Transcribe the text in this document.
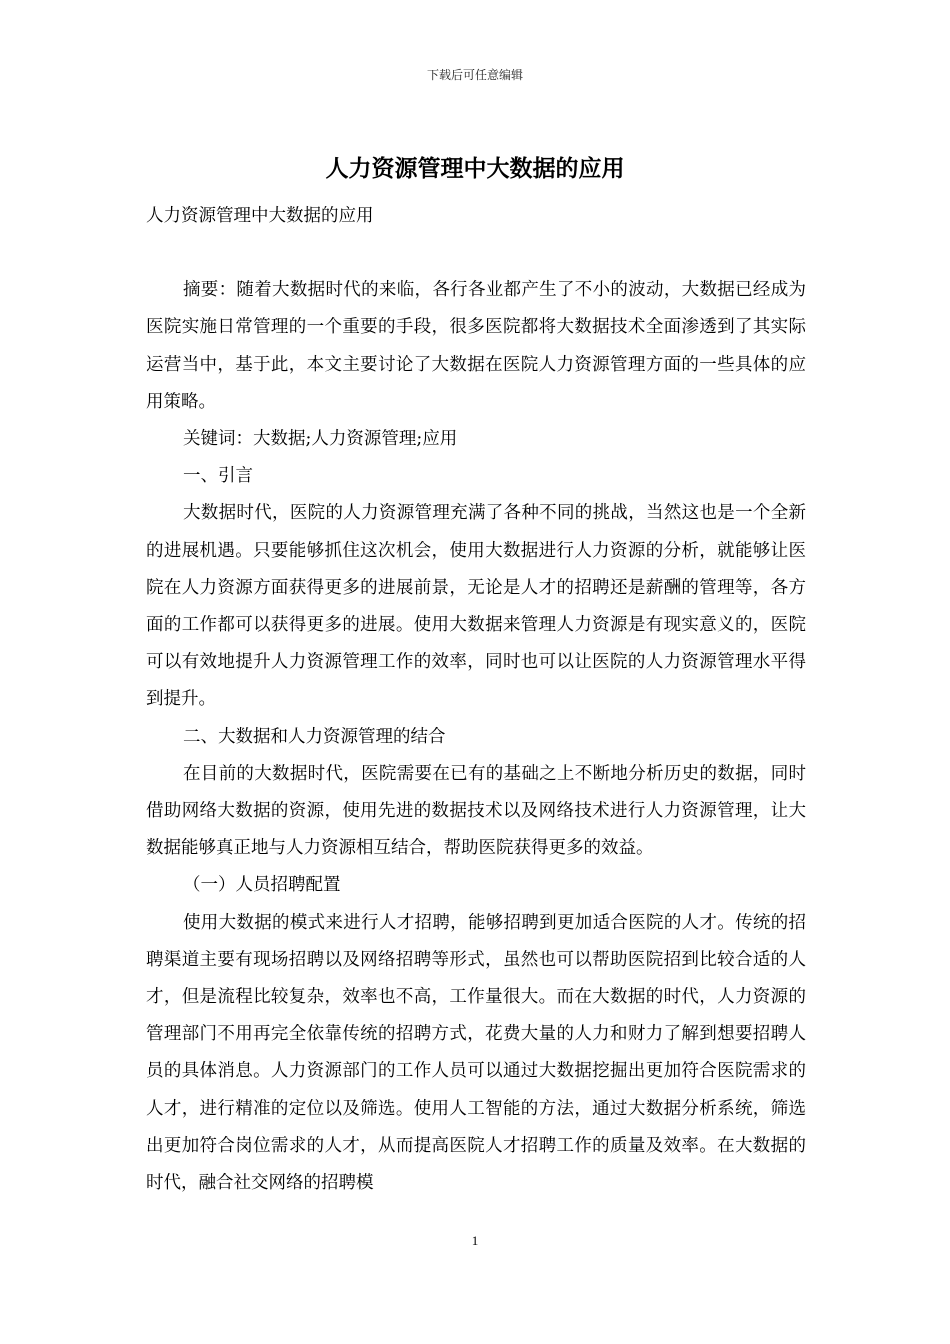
下载后可任意编辑
人力资源管理中大数据的应用

人力资源管理中大数据的应用

摘要：随着大数据时代的来临，各行各业都产生了不小的波动，大数据已经成为医院实施日常管理的一个重要的手段，很多医院都将大数据技术全面渗透到了其实际运营当中，基于此，本文主要讨论了大数据在医院人力资源管理方面的一些具体的应用策略。

关键词：大数据;人力资源管理;应用

一、引言

大数据时代，医院的人力资源管理充满了各种不同的挑战，当然这也是一个全新的进展机遇。只要能够抓住这次机会，使用大数据进行人力资源的分析，就能够让医院在人力资源方面获得更多的进展前景，无论是人才的招聘还是薪酬的管理等，各方面的工作都可以获得更多的进展。使用大数据来管理人力资源是有现实意义的，医院可以有效地提升人力资源管理工作的效率，同时也可以让医院的人力资源管理水平得到提升。

二、大数据和人力资源管理的结合

在目前的大数据时代，医院需要在已有的基础之上不断地分析历史的数据，同时借助网络大数据的资源，使用先进的数据技术以及网络技术进行人力资源管理，让大数据能够真正地与人力资源相互结合，帮助医院获得更多的效益。

（一）人员招聘配置

使用大数据的模式来进行人才招聘，能够招聘到更加适合医院的人才。传统的招聘渠道主要有现场招聘以及网络招聘等形式，虽然也可以帮助医院招到比较合适的人才，但是流程比较复杂，效率也不高，工作量很大。而在大数据的时代，人力资源的管理部门不用再完全依靠传统的招聘方式，花费大量的人力和财力了解到想要招聘人员的具体消息。人力资源部门的工作人员可以通过大数据挖掘出更加符合医院需求的人才，进行精准的定位以及筛选。使用人工智能的方法，通过大数据分析系统，筛选出更加符合岗位需求的人才，从而提高医院人才招聘工作的质量及效率。在大数据的时代，融合社交网络的招聘模

1
